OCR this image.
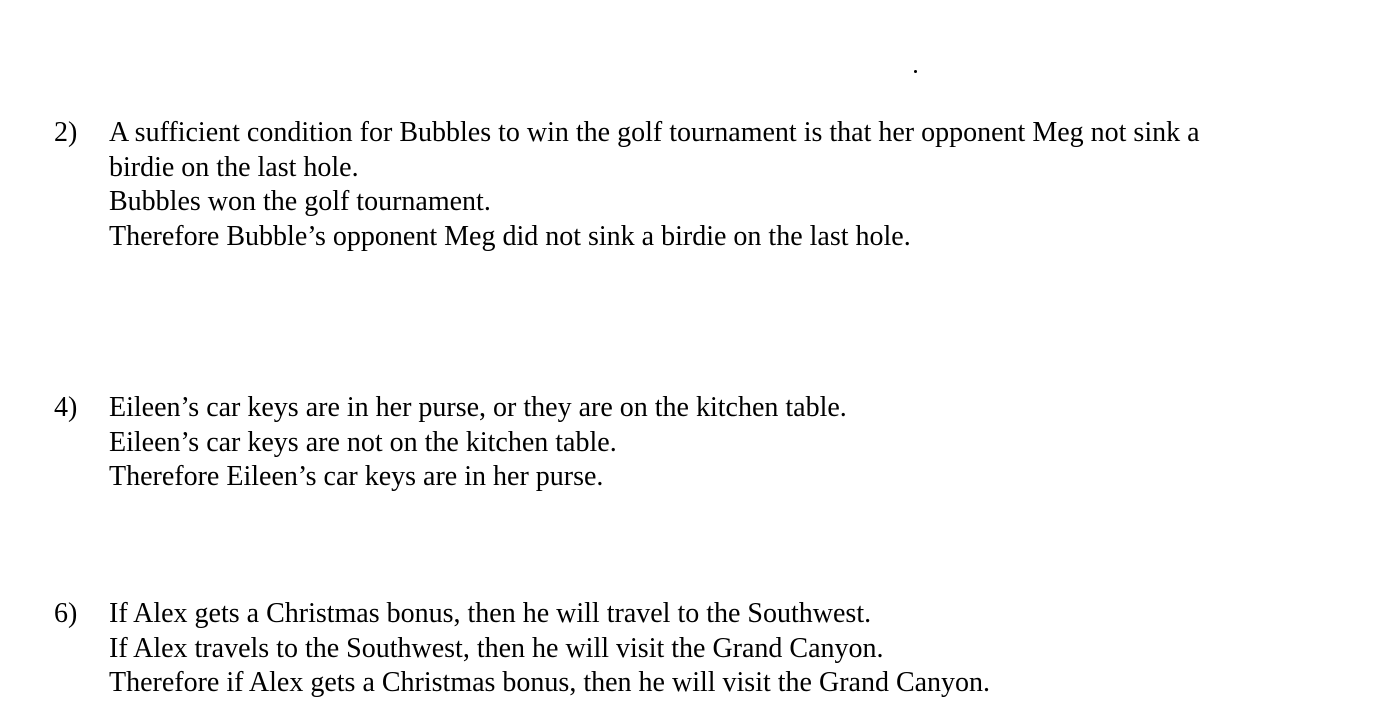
2) A sufficient condition for Bubbles to win the golf tournament is that her opponent Meg not sink a
birdie on the last hole.
Bubbles won the golf tournament.
Therefore Bubble’s opponent Meg did not sink a birdie on the last hole.
4) Eileen’s car keys are in her purse, or they are on the kitchen table.
Eileen’s car keys are not on the kitchen table.
Therefore Eileen’s car keys are in her purse.
6) If Alex gets a Christmas bonus, then he will travel to the Southwest.
If Alex travels to the Southwest, then he will visit the Grand Canyon.
Therefore if Alex gets a Christmas bonus, then he will visit the Grand Canyon.
